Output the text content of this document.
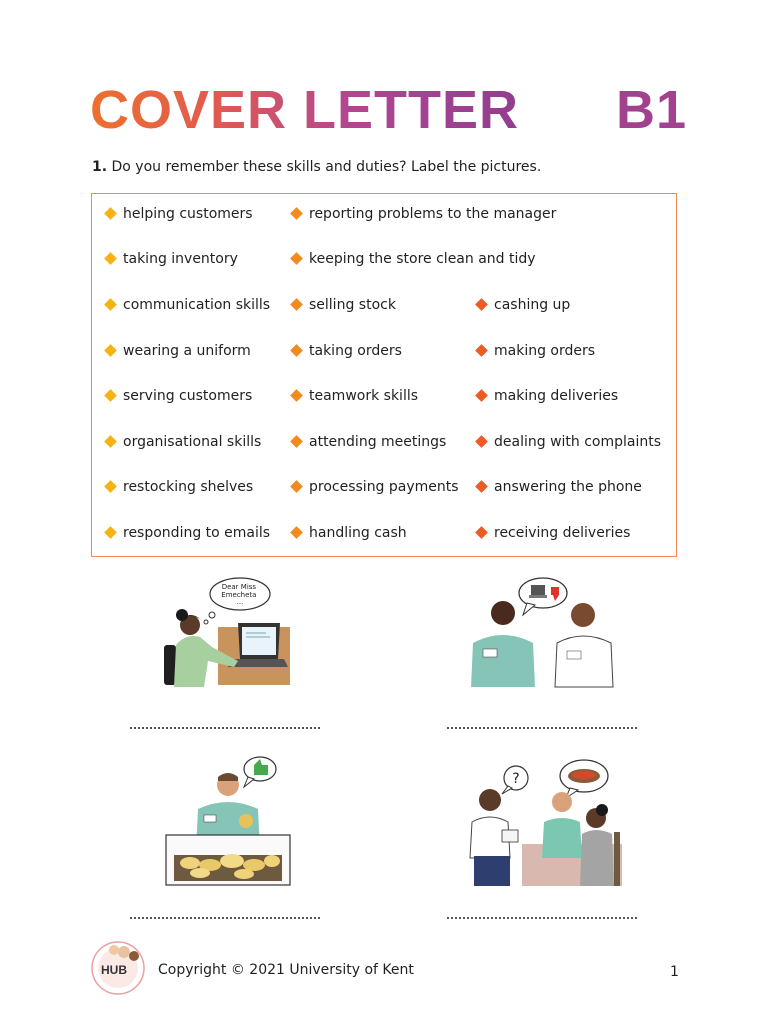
COVER LETTER B1
1. Do you remember these skills and duties? Label the pictures.
helping customers
taking inventory
communication skills
wearing a uniform
serving customers
organisational skills
restocking shelves
responding to emails
reporting problems to the manager
keeping the store clean and tidy
selling stock
taking orders
teamwork skills
attending meetings
processing payments
handling cash
cashing up
making orders
making deliveries
dealing with complaints
answering the phone
receiving deliveries
Dear Miss Emecheta ...
?
HUB Copyright © 2021 University of Kent	1
